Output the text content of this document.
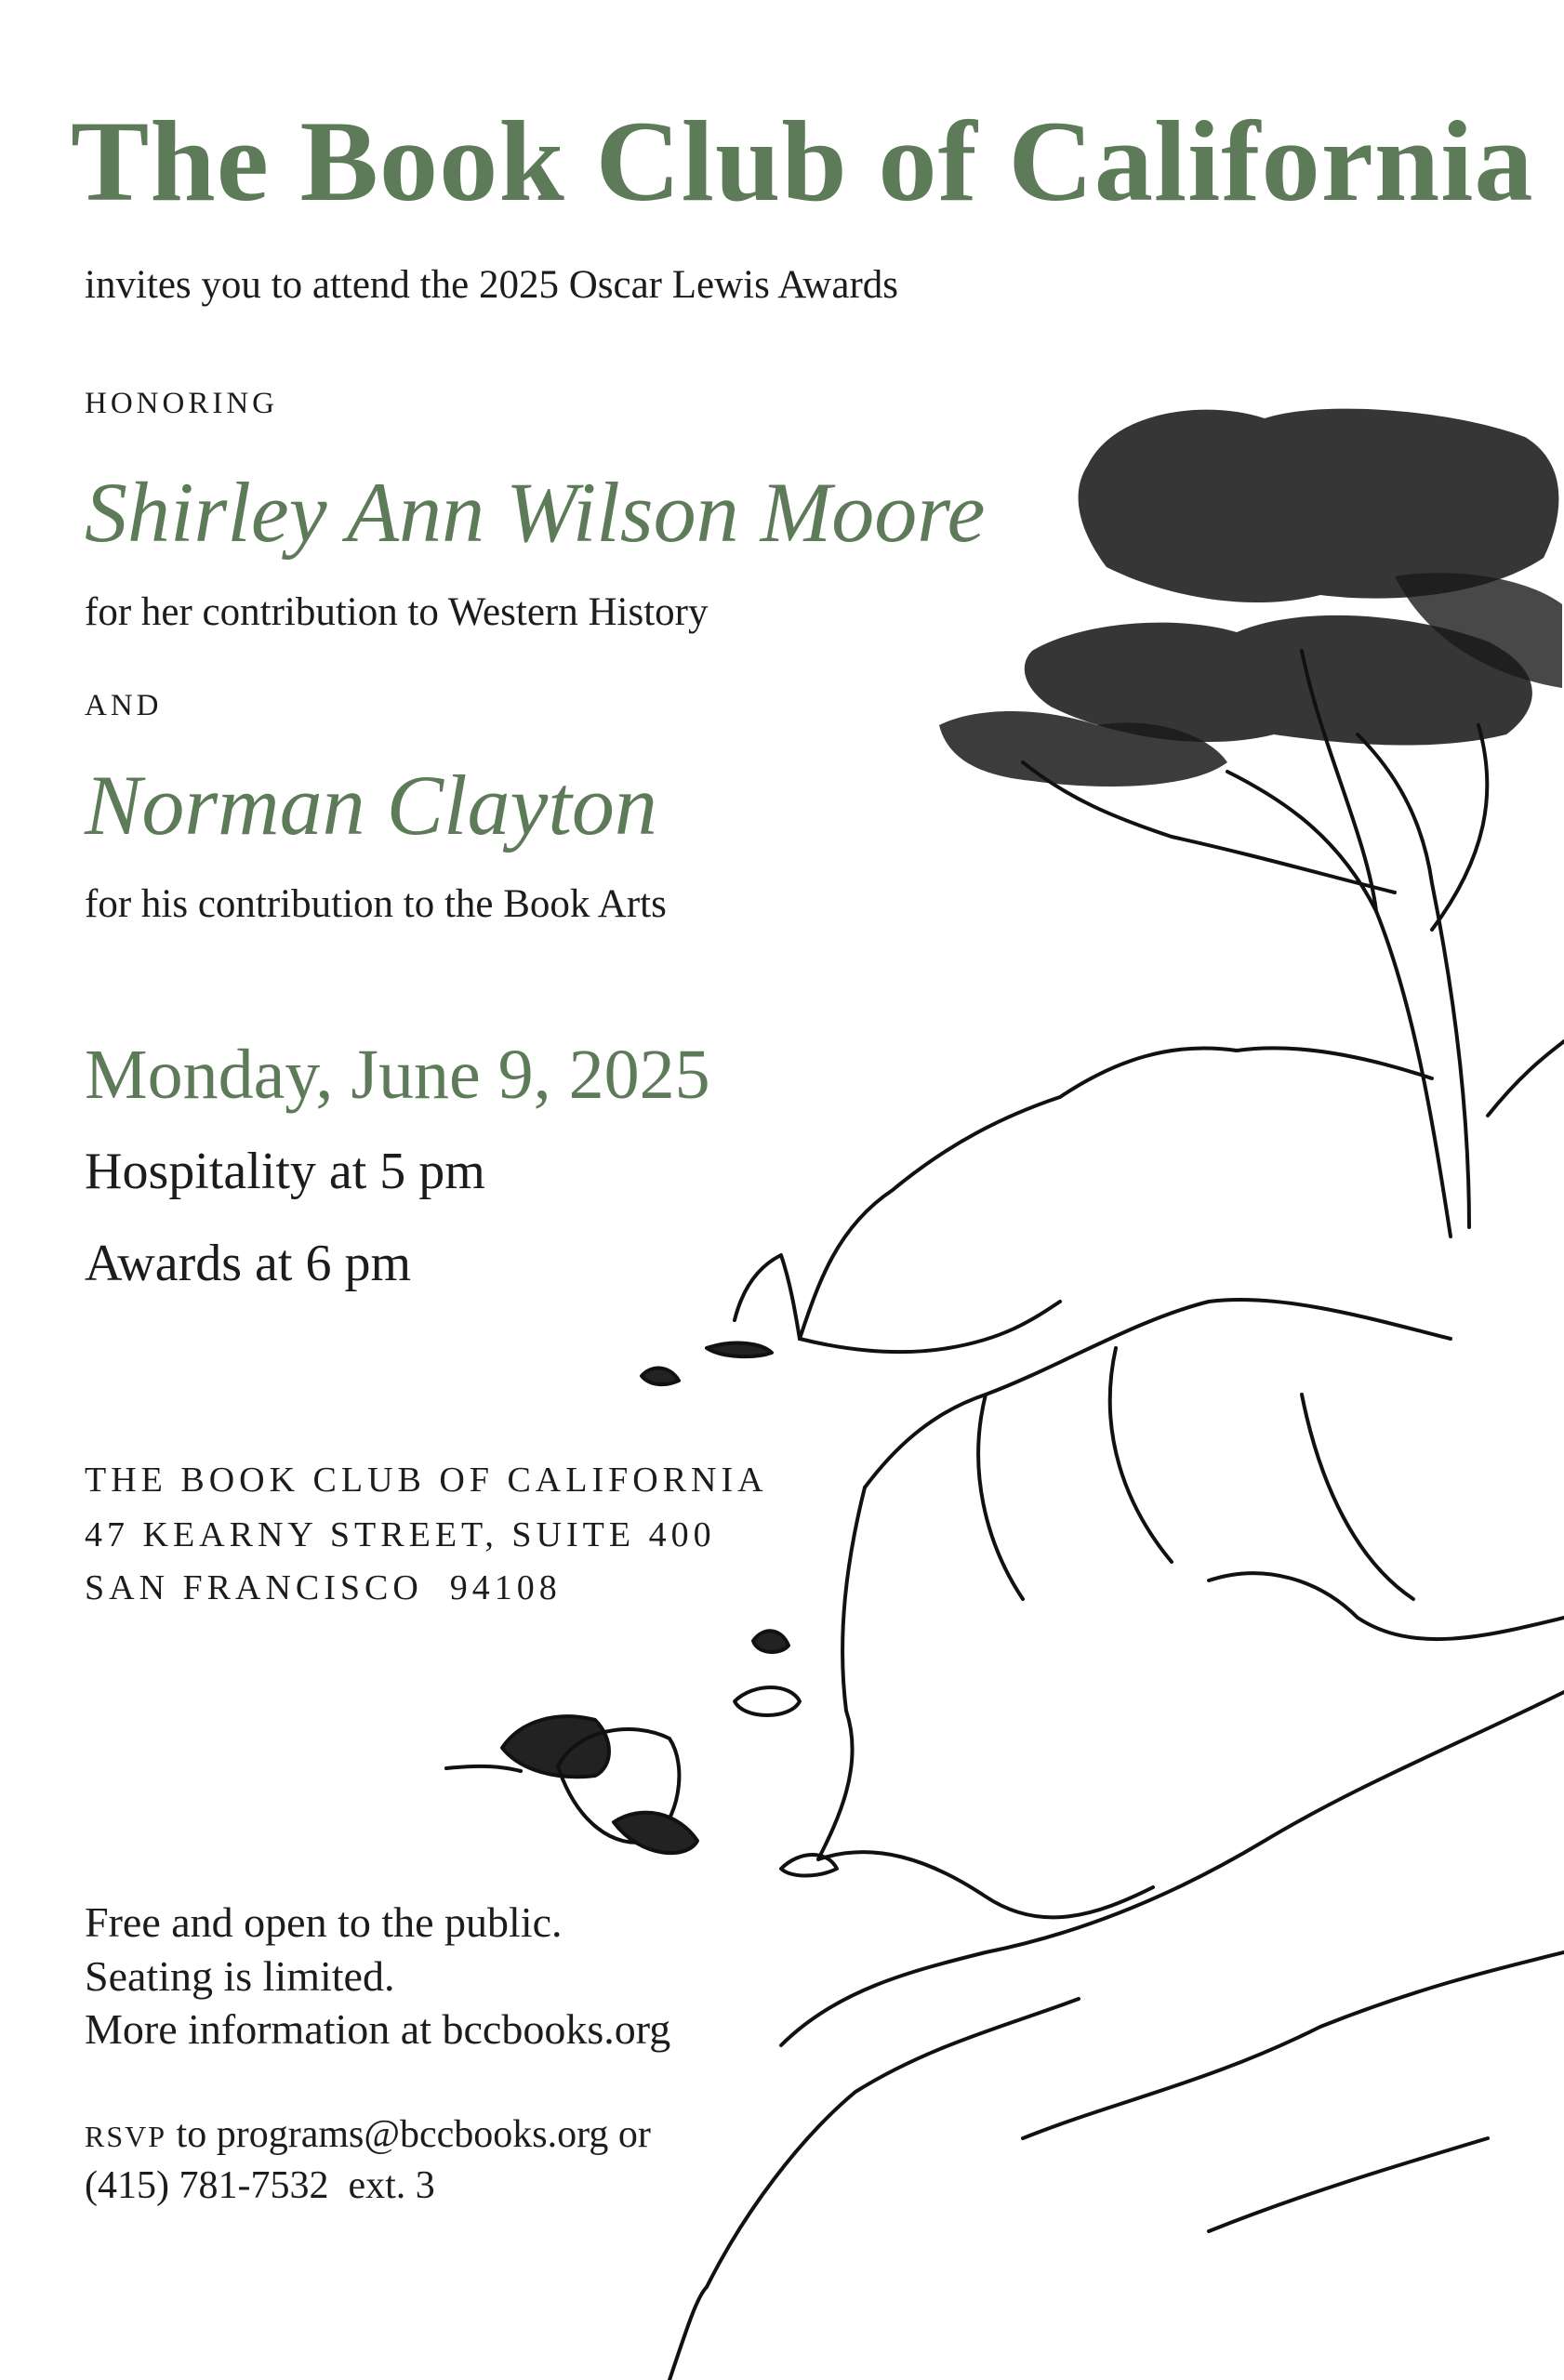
The Book Club of California

invites you to attend the 2025 Oscar Lewis Awards

HONORING

Shirley Ann Wilson Moore

for her contribution to Western History

AND

Norman Clayton

for his contribution to the Book Arts

Monday, June 9, 2025

Hospitality at 5 pm

Awards at 6 pm

THE BOOK CLUB OF CALIFORNIA

47 KEARNY STREET, SUITE 400

SAN FRANCISCO  94108

Free and open to the public.

Seating is limited.

More information at bccbooks.org

RSVP to programs@bccbooks.org or

(415) 781-7532  ext. 3
